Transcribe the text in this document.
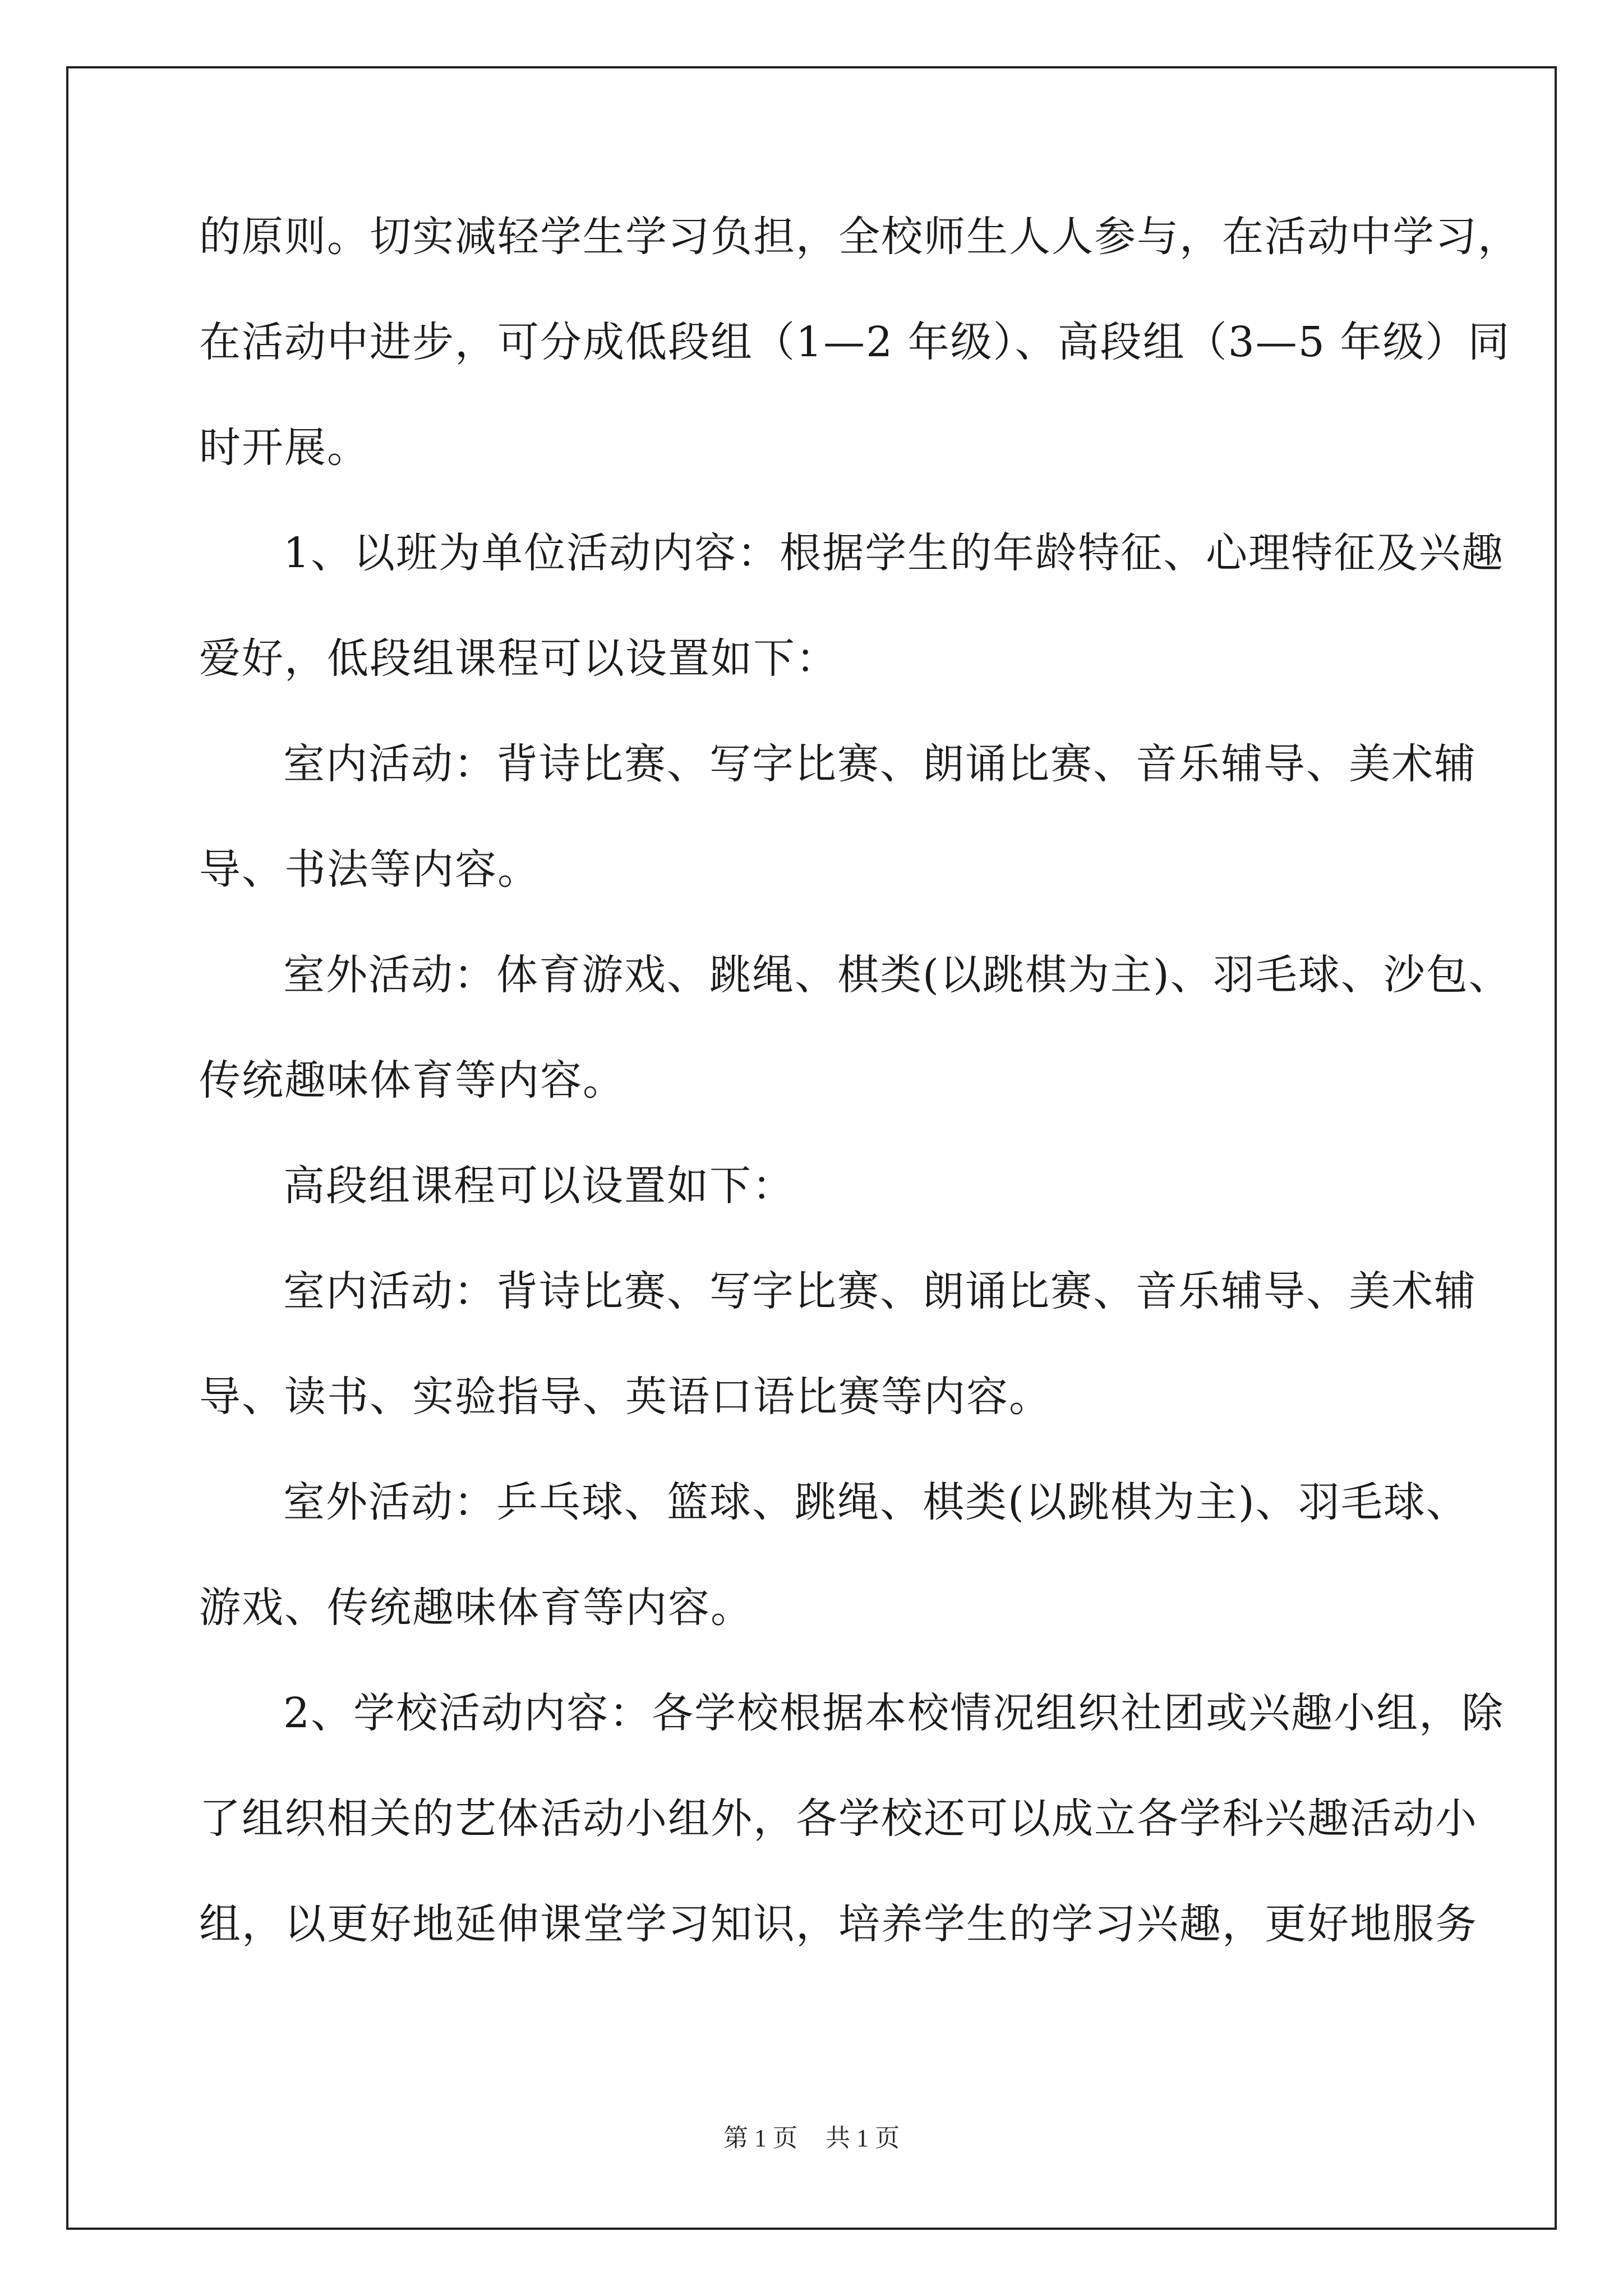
的原则。切实减轻学生学习负担，全校师生人人参与，在活动中学习，
在活动中进步，可分成低段组（1—2 年级）、高段组（3—5 年级）同
时开展。
1、以班为单位活动内容：根据学生的年龄特征、心理特征及兴趣
爱好，低段组课程可以设置如下：
室内活动：背诗比赛、写字比赛、朗诵比赛、音乐辅导、美术辅
导、书法等内容。
室外活动：体育游戏、跳绳、棋类(以跳棋为主)、羽毛球、沙包、
传统趣味体育等内容。
高段组课程可以设置如下：
室内活动：背诗比赛、写字比赛、朗诵比赛、音乐辅导、美术辅
导、读书、实验指导、英语口语比赛等内容。
室外活动：乒乓球、篮球、跳绳、棋类(以跳棋为主)、羽毛球、
游戏、传统趣味体育等内容。
2、学校活动内容：各学校根据本校情况组织社团或兴趣小组，除
了组织相关的艺体活动小组外，各学校还可以成立各学科兴趣活动小
组，以更好地延伸课堂学习知识，培养学生的学习兴趣，更好地服务
第 1 页 共 1 页
